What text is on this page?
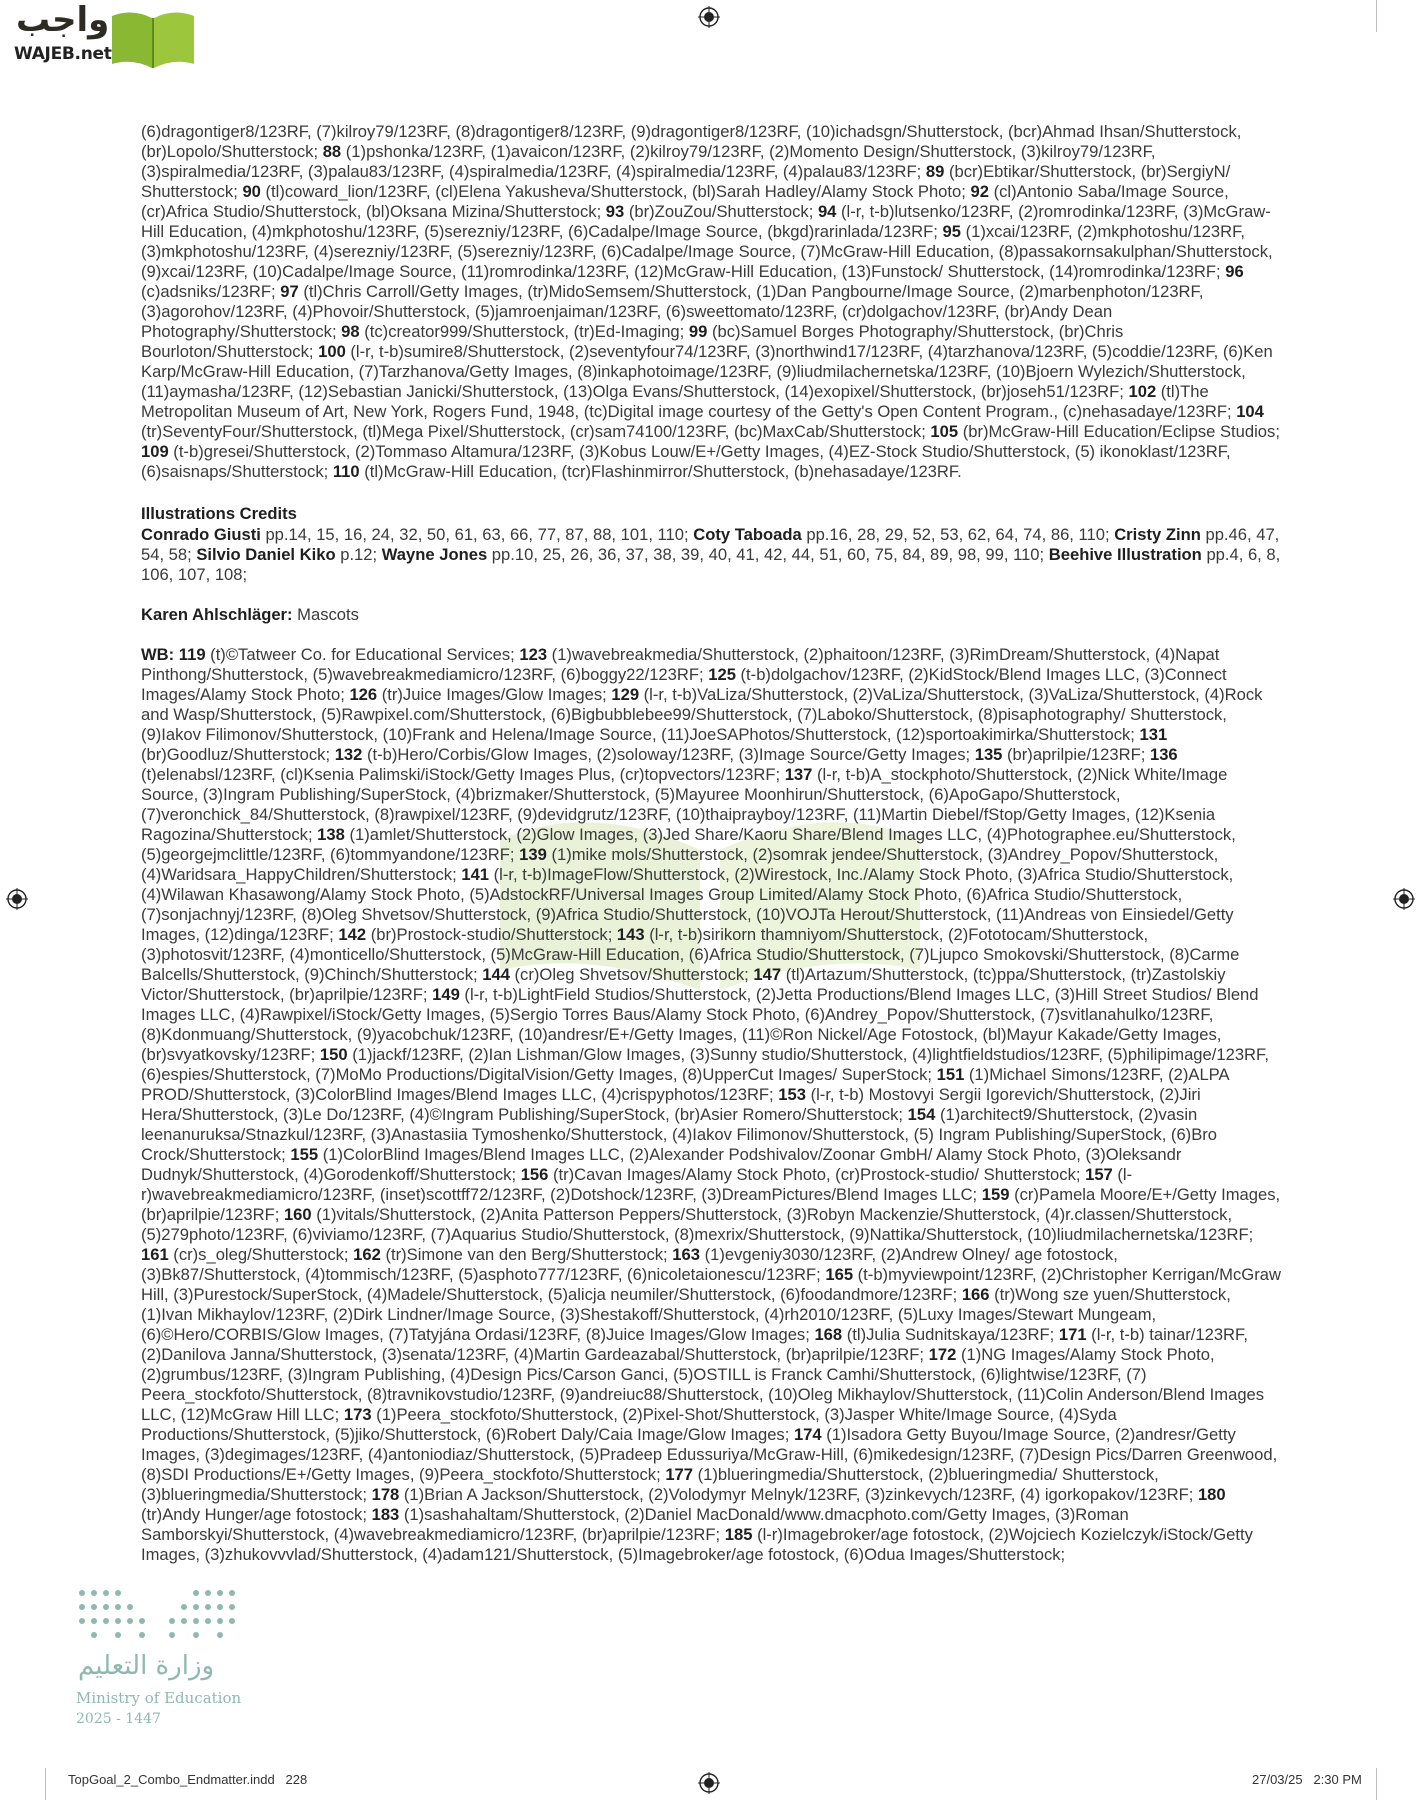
واجب
WAJEB.net

(6)dragontiger8/123RF, (7)kilroy79/123RF, (8)dragontiger8/123RF, (9)dragontiger8/123RF, (10)ichadsgn/Shutterstock, (bcr)Ahmad Ihsan/Shutterstock, (br)Lopolo/Shutterstock; 88 (1)pshonka/123RF, (1)avaicon/123RF, (2)kilroy79/123RF, (2)Momento Design/Shutterstock, (3)kilroy79/123RF, (3)spiralmedia/123RF, (3)palau83/123RF, (4)spiralmedia/123RF, (4)spiralmedia/123RF, (4)palau83/123RF; 89 (bcr)Ebtikar/Shutterstock, (br)SergiyN/ Shutterstock; 90 (tl)coward_lion/123RF, (cl)Elena Yakusheva/Shutterstock, (bl)Sarah Hadley/Alamy Stock Photo; 92 (cl)Antonio Saba/Image Source, (cr)Africa Studio/Shutterstock, (bl)Oksana Mizina/Shutterstock; 93 (br)ZouZou/Shutterstock; 94 (l-r, t-b)lutsenko/123RF, (2)romrodinka/123RF, (3)McGraw-Hill Education, (4)mkphotoshu/123RF, (5)serezniy/123RF, (6)Cadalpe/Image Source, (bkgd)rarinlada/123RF; 95 (1)xcai/123RF, (2)mkphotoshu/123RF, (3)mkphotoshu/123RF, (4)serezniy/123RF, (5)serezniy/123RF, (6)Cadalpe/Image Source, (7)McGraw-Hill Education, (8)passakornsakulphan/Shutterstock, (9)xcai/123RF, (10)Cadalpe/Image Source, (11)romrodinka/123RF, (12)McGraw-Hill Education, (13)Funstock/ Shutterstock, (14)romrodinka/123RF; 96 (c)adsniks/123RF; 97 (tl)Chris Carroll/Getty Images, (tr)MidoSemsem/Shutterstock, (1)Dan Pangbourne/Image Source, (2)marbenphoton/123RF, (3)agorohov/123RF, (4)Phovoir/Shutterstock, (5)jamroenjaiman/123RF, (6)sweettomato/123RF, (cr)dolgachov/123RF, (br)Andy Dean Photography/Shutterstock; 98 (tc)creator999/Shutterstock, (tr)Ed-Imaging; 99 (bc)Samuel Borges Photography/Shutterstock, (br)Chris Bourloton/Shutterstock; 100 (l-r, t-b)sumire8/Shutterstock, (2)seventyfour74/123RF, (3)northwind17/123RF, (4)tarzhanova/123RF, (5)coddie/123RF, (6)Ken Karp/McGraw-Hill Education, (7)Tarzhanova/Getty Images, (8)inkaphotoimage/123RF, (9)liudmilachernetska/123RF, (10)Bjoern Wylezich/Shutterstock, (11)aymasha/123RF, (12)Sebastian Janicki/Shutterstock, (13)Olga Evans/Shutterstock, (14)exopixel/Shutterstock, (br)joseh51/123RF; 102 (tl)The Metropolitan Museum of Art, New York, Rogers Fund, 1948, (tc)Digital image courtesy of the Getty's Open Content Program., (c)nehasadaye/123RF; 104 (tr)SeventyFour/Shutterstock, (tl)Mega Pixel/Shutterstock, (cr)sam74100/123RF, (bc)MaxCab/Shutterstock; 105 (br)McGraw-Hill Education/Eclipse Studios; 109 (t-b)gresei/Shutterstock, (2)Tommaso Altamura/123RF, (3)Kobus Louw/E+/Getty Images, (4)EZ-Stock Studio/Shutterstock, (5) ikonoklast/123RF, (6)saisnaps/Shutterstock; 110 (tl)McGraw-Hill Education, (tcr)Flashinmirror/Shutterstock, (b)nehasadaye/123RF.

Illustrations Credits

Conrado Giusti pp.14, 15, 16, 24, 32, 50, 61, 63, 66, 77, 87, 88, 101, 110; Coty Taboada pp.16, 28, 29, 52, 53, 62, 64, 74, 86, 110; Cristy Zinn pp.46, 47, 54, 58; Silvio Daniel Kiko p.12; Wayne Jones pp.10, 25, 26, 36, 37, 38, 39, 40, 41, 42, 44, 51, 60, 75, 84, 89, 98, 99, 110; Beehive Illustration pp.4, 6, 8, 106, 107, 108;

Karen Ahlschläger: Mascots

WB: 119 (t)©Tatweer Co. for Educational Services; 123 (1)wavebreakmedia/Shutterstock, (2)phaitoon/123RF, (3)RimDream/Shutterstock, (4)Napat Pinthong/Shutterstock, (5)wavebreakmediamicro/123RF, (6)boggy22/123RF; 125 (t-b)dolgachov/123RF, (2)KidStock/Blend Images LLC, (3)Connect Images/Alamy Stock Photo; 126 (tr)Juice Images/Glow Images; 129 (l-r, t-b)VaLiza/Shutterstock, (2)VaLiza/Shutterstock, (3)VaLiza/Shutterstock, (4)Rock and Wasp/Shutterstock, (5)Rawpixel.com/Shutterstock, (6)Bigbubblebee99/Shutterstock, (7)Laboko/Shutterstock, (8)pisaphotography/ Shutterstock, (9)Iakov Filimonov/Shutterstock, (10)Frank and Helena/Image Source, (11)JoeSAPhotos/Shutterstock, (12)sportoakimirka/Shutterstock; 131 (br)Goodluz/Shutterstock; 132 (t-b)Hero/Corbis/Glow Images, (2)soloway/123RF, (3)Image Source/Getty Images; 135 (br)aprilpie/123RF; 136 (t)elenabsl/123RF, (cl)Ksenia Palimski/iStock/Getty Images Plus, (cr)topvectors/123RF; 137 (l-r, t-b)A_stockphoto/Shutterstock, (2)Nick White/Image Source, (3)Ingram Publishing/SuperStock, (4)brizmaker/Shutterstock, (5)Mayuree Moonhirun/Shutterstock, (6)ApoGapo/Shutterstock, (7)veronchick_84/Shutterstock, (8)rawpixel/123RF, (9)devidgrutz/123RF, (10)thaiprayboy/123RF, (11)Martin Diebel/fStop/Getty Images, (12)Ksenia Ragozina/Shutterstock; 138 (1)amlet/Shutterstock, (2)Glow Images, (3)Jed Share/Kaoru Share/Blend Images LLC, (4)Photographee.eu/Shutterstock, (5)georgejmclittle/123RF, (6)tommyandone/123RF; 139 (1)mike mols/Shutterstock, (2)somrak jendee/Shutterstock, (3)Andrey_Popov/Shutterstock, (4)Waridsara_HappyChildren/Shutterstock; 141 (l-r, t-b)ImageFlow/Shutterstock, (2)Wirestock, Inc./Alamy Stock Photo, (3)Africa Studio/Shutterstock, (4)Wilawan Khasawong/Alamy Stock Photo, (5)AdstockRF/Universal Images Group Limited/Alamy Stock Photo, (6)Africa Studio/Shutterstock, (7)sonjachnyj/123RF, (8)Oleg Shvetsov/Shutterstock, (9)Africa Studio/Shutterstock, (10)VOJTa Herout/Shutterstock, (11)Andreas von Einsiedel/Getty Images, (12)dinga/123RF; 142 (br)Prostock-studio/Shutterstock; 143 (l-r, t-b)sirikorn thamniyom/Shutterstock, (2)Fototocam/Shutterstock, (3)photosvit/123RF, (4)monticello/Shutterstock, (5)McGraw-Hill Education, (6)Africa Studio/Shutterstock, (7)Ljupco Smokovski/Shutterstock, (8)Carme Balcells/Shutterstock, (9)Chinch/Shutterstock; 144 (cr)Oleg Shvetsov/Shutterstock; 147 (tl)Artazum/Shutterstock, (tc)ppa/Shutterstock, (tr)Zastolskiy Victor/Shutterstock, (br)aprilpie/123RF; 149 (l-r, t-b)LightField Studios/Shutterstock, (2)Jetta Productions/Blend Images LLC, (3)Hill Street Studios/ Blend Images LLC, (4)Rawpixel/iStock/Getty Images, (5)Sergio Torres Baus/Alamy Stock Photo, (6)Andrey_Popov/Shutterstock, (7)svitlanahulko/123RF, (8)Kdonmuang/Shutterstock, (9)yacobchuk/123RF, (10)andresr/E+/Getty Images, (11)©Ron Nickel/Age Fotostock, (bl)Mayur Kakade/Getty Images, (br)svyatkovsky/123RF; 150 (1)jackf/123RF, (2)Ian Lishman/Glow Images, (3)Sunny studio/Shutterstock, (4)lightfieldstudios/123RF, (5)philipimage/123RF, (6)espies/Shutterstock, (7)MoMo Productions/DigitalVision/Getty Images, (8)UpperCut Images/ SuperStock; 151 (1)Michael Simons/123RF, (2)ALPA PROD/Shutterstock, (3)ColorBlind Images/Blend Images LLC, (4)crispyphotos/123RF; 153 (l-r, t-b) Mostovyi Sergii Igorevich/Shutterstock, (2)Jiri Hera/Shutterstock, (3)Le Do/123RF, (4)©Ingram Publishing/SuperStock, (br)Asier Romero/Shutterstock; 154 (1)architect9/Shutterstock, (2)vasin leenanuruksa/Stnazkul/123RF, (3)Anastasiia Tymoshenko/Shutterstock, (4)Iakov Filimonov/Shutterstock, (5) Ingram Publishing/SuperStock, (6)Bro Crock/Shutterstock; 155 (1)ColorBlind Images/Blend Images LLC, (2)Alexander Podshivalov/Zoonar GmbH/ Alamy Stock Photo, (3)Oleksandr Dudnyk/Shutterstock, (4)Gorodenkoff/Shutterstock; 156 (tr)Cavan Images/Alamy Stock Photo, (cr)Prostock-studio/ Shutterstock; 157 (l-r)wavebreakmediamicro/123RF, (inset)scottff72/123RF, (2)Dotshock/123RF, (3)DreamPictures/Blend Images LLC; 159 (cr)Pamela Moore/E+/Getty Images, (br)aprilpie/123RF; 160 (1)vitals/Shutterstock, (2)Anita Patterson Peppers/Shutterstock, (3)Robyn Mackenzie/Shutterstock, (4)r.classen/Shutterstock, (5)279photo/123RF, (6)viviamo/123RF, (7)Aquarius Studio/Shutterstock, (8)mexrix/Shutterstock, (9)Nattika/Shutterstock, (10)liudmilachernetska/123RF; 161 (cr)s_oleg/Shutterstock; 162 (tr)Simone van den Berg/Shutterstock; 163 (1)evgeniy3030/123RF, (2)Andrew Olney/ age fotostock, (3)Bk87/Shutterstock, (4)tommisch/123RF, (5)asphoto777/123RF, (6)nicoletaionescu/123RF; 165 (t-b)myviewpoint/123RF, (2)Christopher Kerrigan/McGraw Hill, (3)Purestock/SuperStock, (4)Madele/Shutterstock, (5)alicja neumiler/Shutterstock, (6)foodandmore/123RF; 166 (tr)Wong sze yuen/Shutterstock, (1)Ivan Mikhaylov/123RF, (2)Dirk Lindner/Image Source, (3)Shestakoff/Shutterstock, (4)rh2010/123RF, (5)Luxy Images/Stewart Mungeam, (6)©Hero/CORBIS/Glow Images, (7)Tatyjána Ordasi/123RF, (8)Juice Images/Glow Images; 168 (tl)Julia Sudnitskaya/123RF; 171 (l-r, t-b) tainar/123RF, (2)Danilova Janna/Shutterstock, (3)senata/123RF, (4)Martin Gardeazabal/Shutterstock, (br)aprilpie/123RF; 172 (1)NG Images/Alamy Stock Photo, (2)grumbus/123RF, (3)Ingram Publishing, (4)Design Pics/Carson Ganci, (5)OSTILL is Franck Camhi/Shutterstock, (6)lightwise/123RF, (7) Peera_stockfoto/Shutterstock, (8)travnikovstudio/123RF, (9)andreiuc88/Shutterstock, (10)Oleg Mikhaylov/Shutterstock, (11)Colin Anderson/Blend Images LLC, (12)McGraw Hill LLC; 173 (1)Peera_stockfoto/Shutterstock, (2)Pixel-Shot/Shutterstock, (3)Jasper White/Image Source, (4)Syda Productions/Shutterstock, (5)jiko/Shutterstock, (6)Robert Daly/Caia Image/Glow Images; 174 (1)Isadora Getty Buyou/Image Source, (2)andresr/Getty Images, (3)degimages/123RF, (4)antoniodiaz/Shutterstock, (5)Pradeep Edussuriya/McGraw-Hill, (6)mikedesign/123RF, (7)Design Pics/Darren Greenwood, (8)SDI Productions/E+/Getty Images, (9)Peera_stockfoto/Shutterstock; 177 (1)blueringmedia/Shutterstock, (2)blueringmedia/ Shutterstock, (3)blueringmedia/Shutterstock; 178 (1)Brian A Jackson/Shutterstock, (2)Volodymyr Melnyk/123RF, (3)zinkevych/123RF, (4) igorkopakov/123RF; 180 (tr)Andy Hunger/age fotostock; 183 (1)sashahaltam/Shutterstock, (2)Daniel MacDonald/www.dmacphoto.com/Getty Images, (3)Roman Samborskyi/Shutterstock, (4)wavebreakmediamicro/123RF, (br)aprilpie/123RF; 185 (l-r)Imagebroker/age fotostock, (2)Wojciech Kozielczyk/iStock/Getty Images, (3)zhukovvvlad/Shutterstock, (4)adam121/Shutterstock, (5)Imagebroker/age fotostock, (6)Odua Images/Shutterstock;

وزارة التعليم
Ministry of Education
2025 - 1447
TopGoal_2_Combo_Endmatter.indd   228	27/03/25   2:30 PM
